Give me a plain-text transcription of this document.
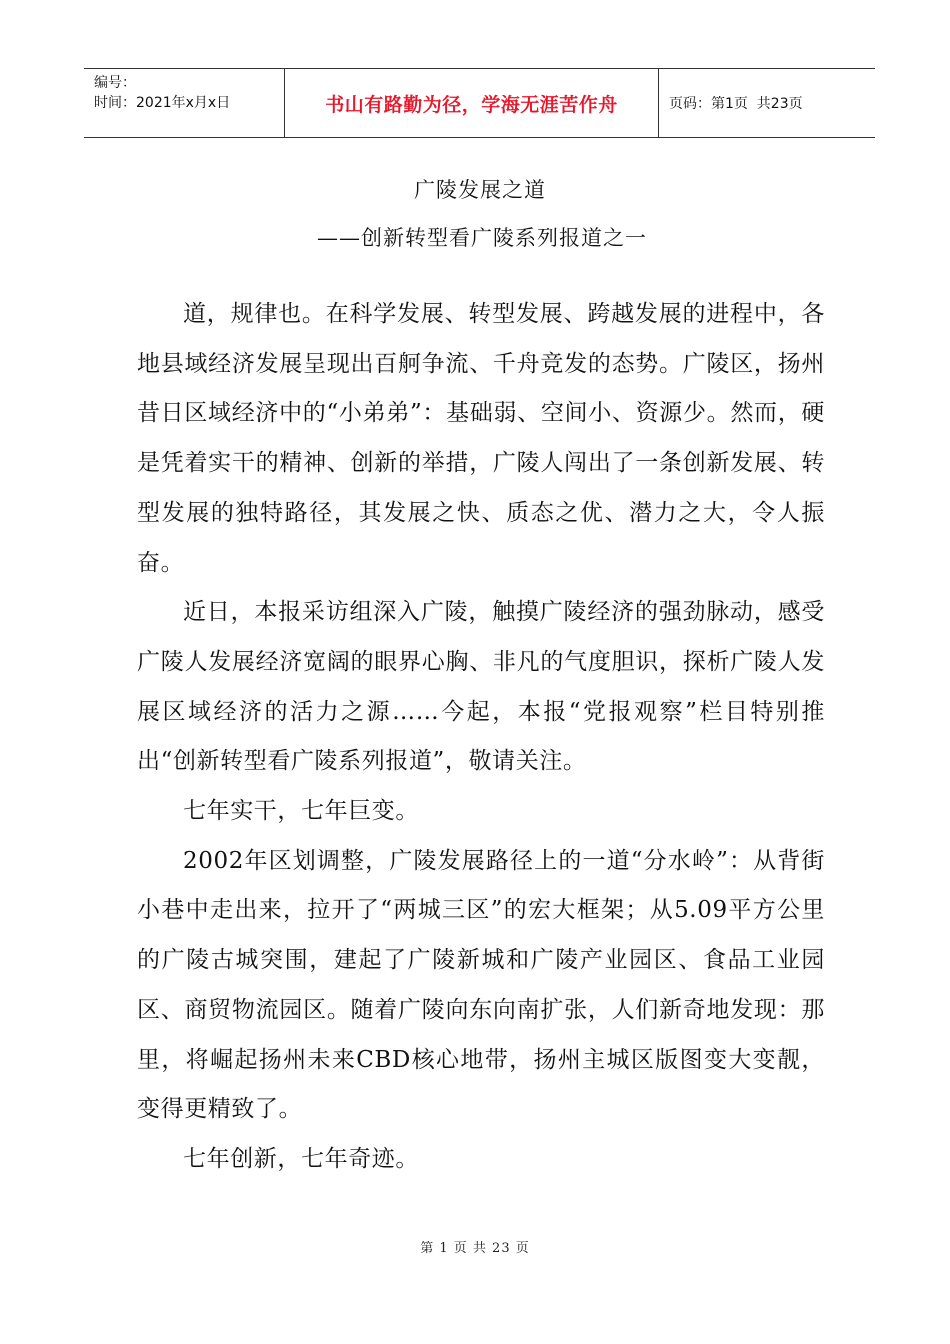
编号：
时间：2021年x月x日	书山有路勤为径，学海无涯苦作舟	页码：第1页  共23页
广陵发展之道
——创新转型看广陵系列报道之一

道，规律也。在科学发展、转型发展、跨越发展的进程中，各地县域经济发展呈现出百舸争流、千舟竞发的态势。广陵区，扬州昔日区域经济中的“小弟弟”：基础弱、空间小、资源少。然而，硬是凭着实干的精神、创新的举措，广陵人闯出了一条创新发展、转型发展的独特路径，其发展之快、质态之优、潜力之大，令人振奋。

近日，本报采访组深入广陵，触摸广陵经济的强劲脉动，感受广陵人发展经济宽阔的眼界心胸、非凡的气度胆识，探析广陵人发展区域经济的活力之源……今起，本报“党报观察”栏目特别推出“创新转型看广陵系列报道”，敬请关注。

七年实干，七年巨变。

2002年区划调整，广陵发展路径上的一道“分水岭”：从背街小巷中走出来，拉开了“两城三区”的宏大框架；从5.09平方公里的广陵古城突围，建起了广陵新城和广陵产业园区、食品工业园区、商贸物流园区。随着广陵向东向南扩张，人们新奇地发现：那里，将崛起扬州未来CBD核心地带，扬州主城区版图变大变靓，变得更精致了。

七年创新，七年奇迹。

第 1 页 共 23 页
